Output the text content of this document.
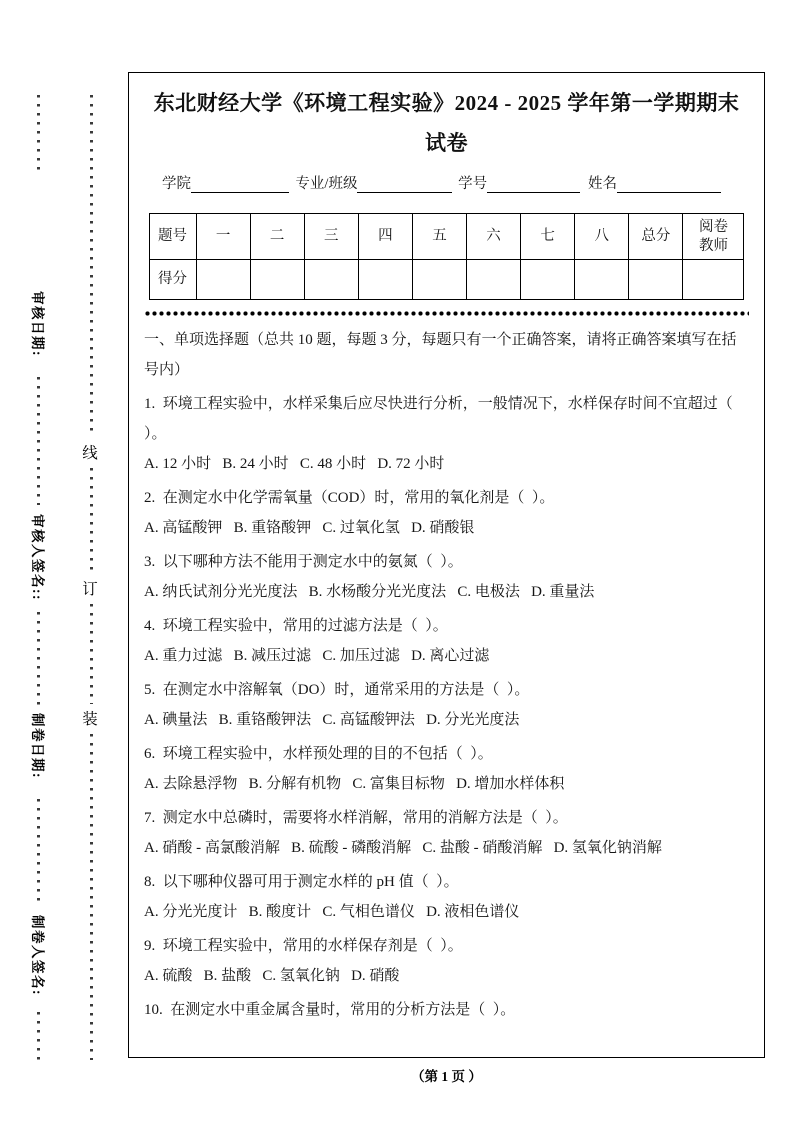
审核日期:
审核人签名::
制卷日期:
制卷人签名:
线
订
装
东北财经大学《环境工程实验》2024 - 2025 学年第一学期期末试卷
学院	专业/班级	学号	姓名
题号	一	二	三	四	五	六	七	八	总分	阅卷教师
得分										
一、单项选择题（总共 10 题，每题 3 分，每题只有一个正确答案，请将正确答案填写在括号内）
1.  环境工程实验中，水样采集后应尽快进行分析，一般情况下，水样保存时间不宜超过（  ）。
A. 12 小时   B. 24 小时   C. 48 小时   D. 72 小时
2.  在测定水中化学需氧量（COD）时，常用的氧化剂是（  ）。
A. 高锰酸钾   B. 重铬酸钾   C. 过氧化氢   D. 硝酸银
3.  以下哪种方法不能用于测定水中的氨氮（  ）。
A. 纳氏试剂分光光度法   B. 水杨酸分光光度法   C. 电极法   D. 重量法
4.  环境工程实验中，常用的过滤方法是（  ）。
A. 重力过滤   B. 减压过滤   C. 加压过滤   D. 离心过滤
5.  在测定水中溶解氧（DO）时，通常采用的方法是（  ）。
A. 碘量法   B. 重铬酸钾法   C. 高锰酸钾法   D. 分光光度法
6.  环境工程实验中，水样预处理的目的不包括（  ）。
A. 去除悬浮物   B. 分解有机物   C. 富集目标物   D. 增加水样体积
7.  测定水中总磷时，需要将水样消解，常用的消解方法是（  ）。
A. 硝酸 - 高氯酸消解   B. 硫酸 - 磷酸消解   C. 盐酸 - 硝酸消解   D. 氢氧化钠消解
8.  以下哪种仪器可用于测定水样的 pH 值（  ）。
A. 分光光度计   B. 酸度计   C. 气相色谱仪   D. 液相色谱仪
9.  环境工程实验中，常用的水样保存剂是（  ）。
A. 硫酸   B. 盐酸   C. 氢氧化钠   D. 硝酸
10.  在测定水中重金属含量时，常用的分析方法是（  ）。
（第 1 页 ）
